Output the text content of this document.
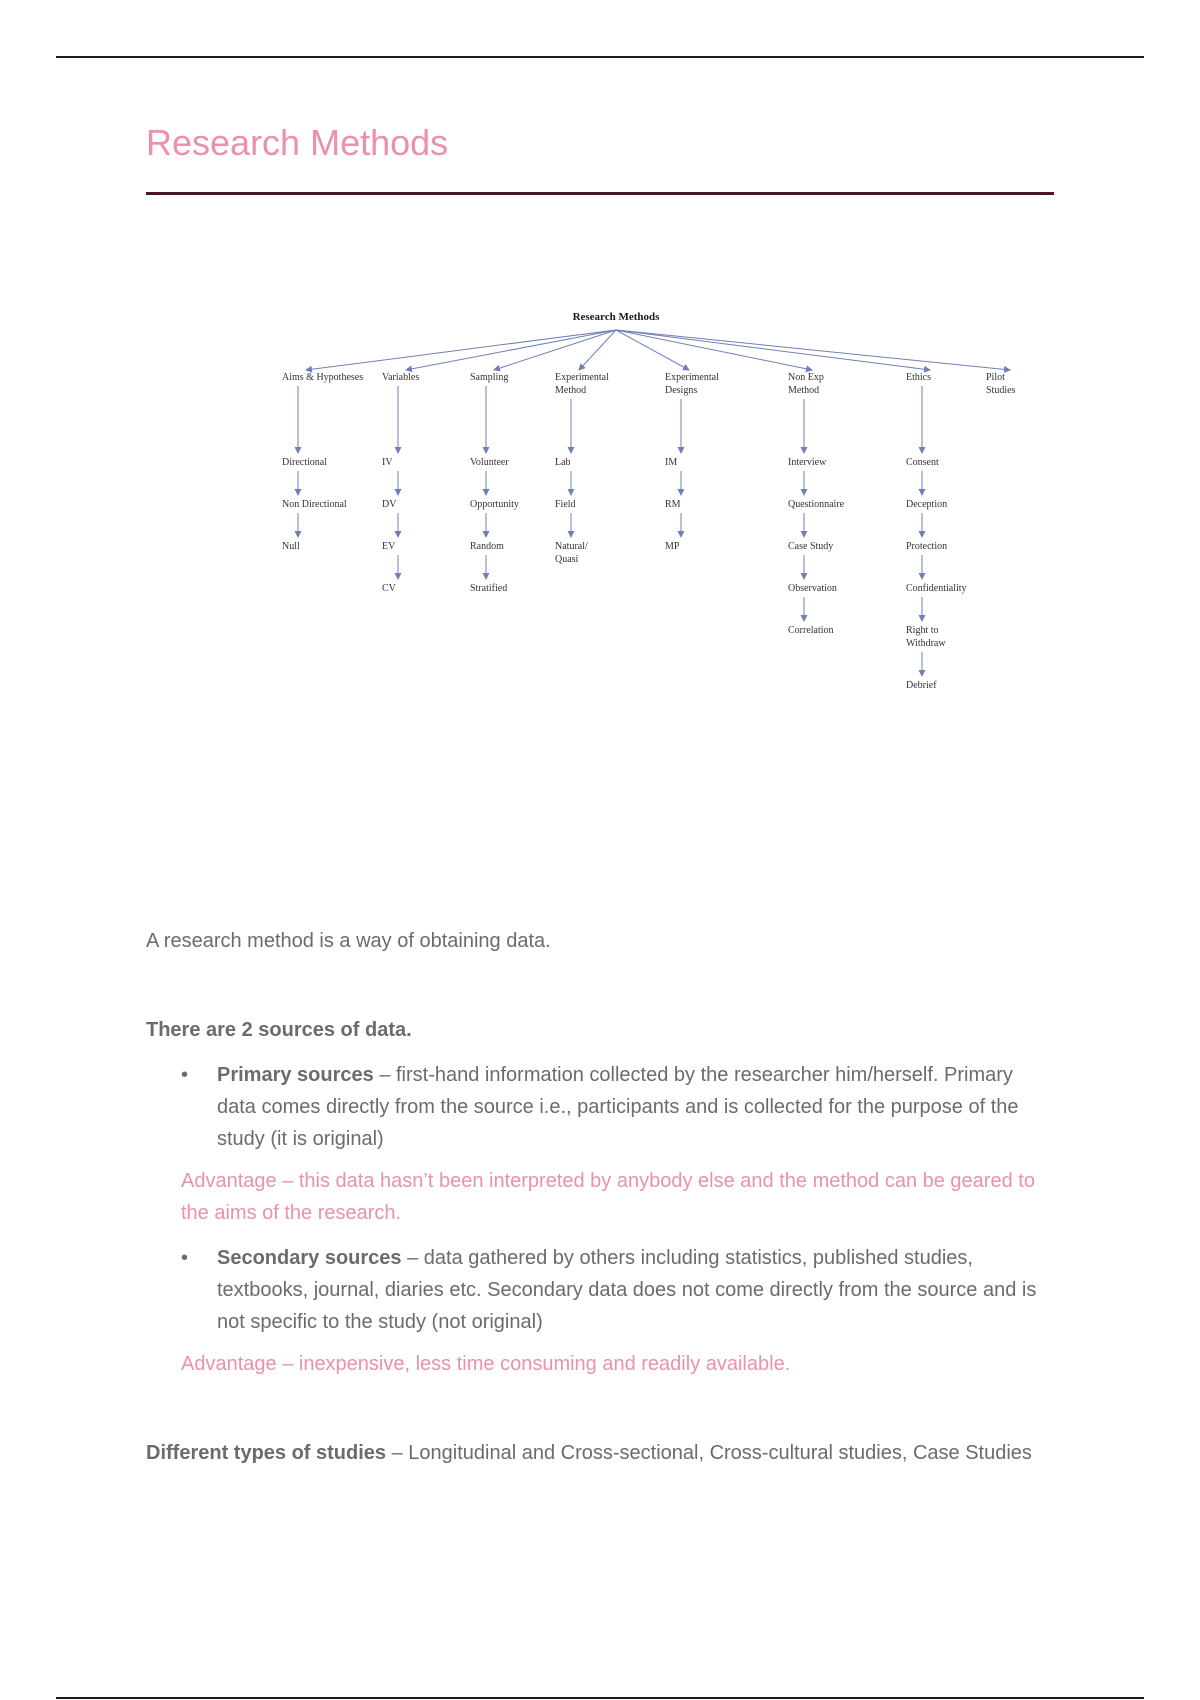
Research Methods
Research Methods
Aims & Hypotheses
Directional
Non Directional
Null
Variables
IV
DV
EV
CV
Sampling
Volunteer
Opportunity
Random
Stratified
Experimental Method
Lab
Field
Natural/ Quasi
Experimental Designs
IM
RM
MP
Non Exp Method
Interview
Questionnaire
Case Study
Observation
Correlation
Ethics
Consent
Deception
Protection
Confidentiality
Right to Withdraw
Debrief
Pilot Studies
A research method is a way of obtaining data.
There are 2 sources of data.
• Primary sources – first-hand information collected by the researcher him/herself. Primary data comes directly from the source i.e., participants and is collected for the purpose of the study (it is original)
• Secondary sources – data gathered by others including statistics, published studies, textbooks, journal, diaries etc. Secondary data does not come directly from the source and is not specific to the study (not original)
Advantage – this data hasn’t been interpreted by anybody else and the method can be geared to the aims of the research.
Advantage – inexpensive, less time consuming and readily available.
Different types of studies – Longitudinal and Cross-sectional, Cross-cultural studies, Case Studies
